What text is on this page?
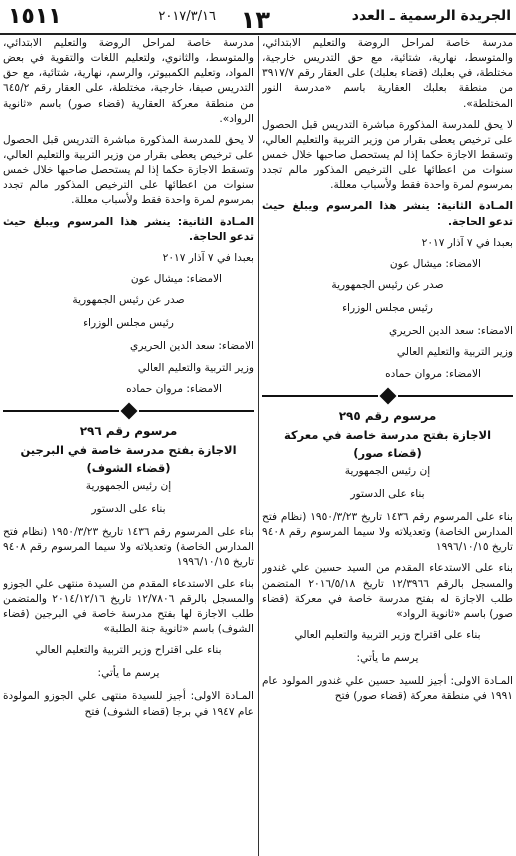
الجريدة الرسمية ـ العدد
١٣
٢٠١٧/٣/١٦
١٥١١

مدرسة خاصة لمراحل الروضة والتعليم الابتدائي، والمتوسط، نهارية، شتائية، مع حق التدريس خارجية، مختلطة، في بعلبك (قضاء بعلبك) على العقار رقم ٣٩١٧/٧ من منطقة بعلبك العقارية باسم «مدرسة النور المختلطة».

لا يحق للمدرسة المذكورة مباشرة التدريس قبل الحصول على ترخيص يعطى بقرار من وزير التربية والتعليم العالي، وتسقط الاجازة حكما إذا لم يستحصل صاحبها خلال خمس سنوات من اعطائها على الترخيص المذكور مالم تجدد بمرسوم لمرة واحدة فقط ولأسباب معللة.

المـادة الثانية: ينشر هذا المرسوم ويبلغ حيث تدعو الحاجة.

بعبدا في ٧ آذار ٢٠١٧

الامضاء: ميشال عون

صدر عن رئيس الجمهورية

رئيس مجلس الوزراء

الامضاء: سعد الدين الحريري

وزير التربية والتعليم العالي

الامضاء: مروان حماده

مرسوم رقم ٢٩٥

الاجازة بفتح مدرسة خاصة في معركة

(قضاء صور)

إن رئيس الجمهورية

بناء على الدستور

بناء على المرسوم رقم ١٤٣٦ تاريخ ١٩٥٠/٣/٢٣ (نظام فتح المدارس الخاصة) وتعديلاته ولا سيما المرسوم رقم ٩٤٠٨ تاريخ ١٩٩٦/١٠/١٥

بناء على الاستدعاء المقدم من السيد حسين علي غندور والمسجل بالرقم ١٢/٣٩٦٦ تاريخ ٢٠١٦/٥/١٨ المتضمن طلب الاجازة له بفتح مدرسة خاصة في معركة (قضاء صور) باسم «ثانوية الرواد»

بناء على اقتراح وزير التربية والتعليم العالي

يرسم ما يأتي:

المـادة الاولى: أجيز للسيد حسين علي غندور المولود عام ١٩٩١ في منطقة معركة (قضاء صور) فتح

مدرسة خاصة لمراحل الروضة والتعليم الابتدائي، والمتوسط، والثانوي، ولتعليم اللغات والتقوية في بعض المواد، وتعليم الكمبيوتر، والرسم، نهارية، شتائية، مع حق التدريس صيفا، خارجية، مختلطة، على العقار رقم ٦٤٥/٢ من منطقة معركة العقارية (قضاء صور) باسم «ثانوية الرواد».

لا يحق للمدرسة المذكورة مباشرة التدريس قبل الحصول على ترخيص يعطى بقرار من وزير التربية والتعليم العالي، وتسقط الاجازة حكما إذا لم يستحصل صاحبها خلال خمس سنوات من اعطائها على الترخيص المذكور مالم تجدد بمرسوم لمرة واحدة فقط ولأسباب معللة.

المـادة الثانية: ينشر هذا المرسوم ويبلغ حيث تدعو الحاجة.

بعبدا في ٧ آذار ٢٠١٧

الامضاء: ميشال عون

صدر عن رئيس الجمهورية

رئيس مجلس الوزراء

الامضاء: سعد الدين الحريري

وزير التربية والتعليم العالي

الامضاء: مروان حماده

مرسوم رقم ٢٩٦

الاجازة بفتح مدرسة خاصة في البرجين

(قضاء الشوف)

إن رئيس الجمهورية

بناء على الدستور

بناء على المرسوم رقم ١٤٣٦ تاريخ ١٩٥٠/٣/٢٣ (نظام فتح المدارس الخاصة) وتعديلاته ولا سيما المرسوم رقم ٩٤٠٨ تاريخ ١٩٩٦/١٠/١٥

بناء على الاستدعاء المقدم من السيدة منتهى علي الجوزو والمسجل بالرقم ١٢/٧٨٠٦ تاريخ ٢٠١٤/١٢/١٦ والمتضمن طلب الاجازة لها بفتح مدرسة خاصة في البرجين (قضاء الشوف) باسم «ثانوية جنة الطلبة»

بناء على اقتراح وزير التربية والتعليم العالي

يرسم ما يأتي:

المـادة الاولى: أجيز للسيدة منتهى علي الجوزو المولودة عام ١٩٤٧ في برجا (قضاء الشوف) فتح
